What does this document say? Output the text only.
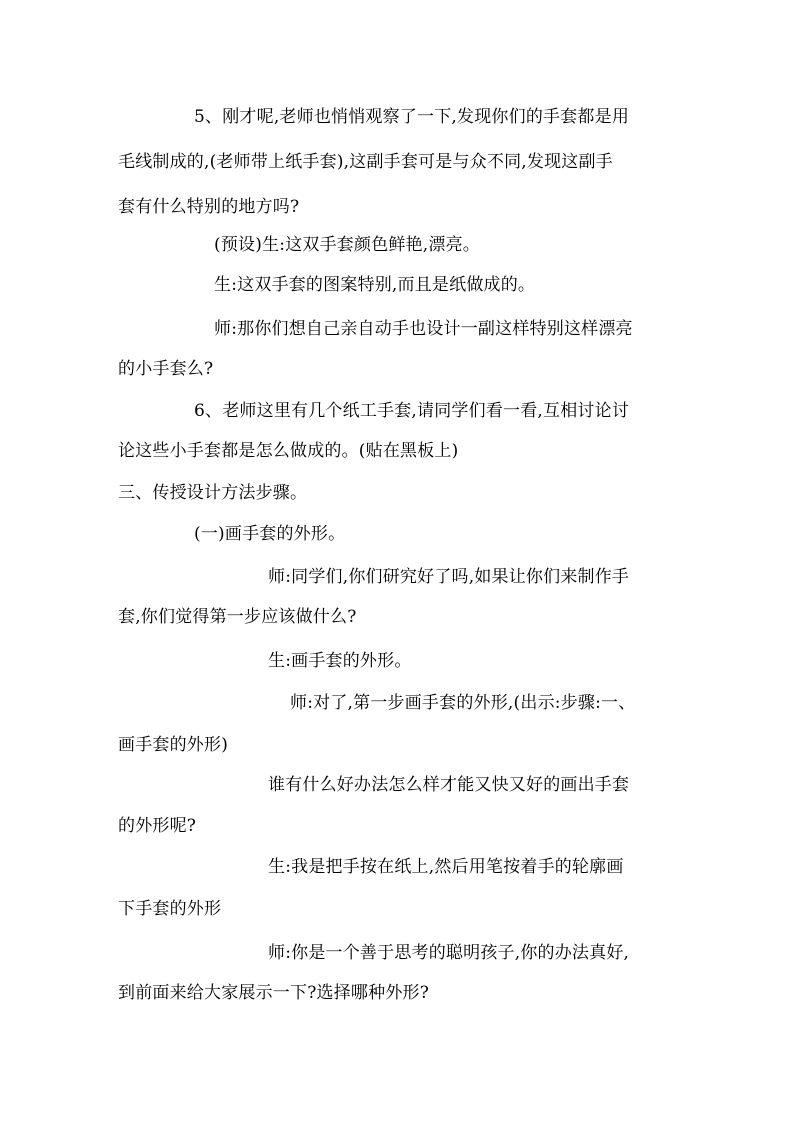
5、刚才呢,老师也悄悄观察了一下,发现你们的手套都是用
毛线制成的,(老师带上纸手套),这副手套可是与众不同,发现这副手
套有什么特别的地方吗?
(预设)生:这双手套颜色鲜艳,漂亮。
生:这双手套的图案特别,而且是纸做成的。
师:那你们想自己亲自动手也设计一副这样特别这样漂亮
的小手套么?
6、老师这里有几个纸工手套,请同学们看一看,互相讨论讨
论这些小手套都是怎么做成的。(贴在黑板上)
三、传授设计方法步骤。
(一)画手套的外形。
师:同学们,你们研究好了吗,如果让你们来制作手
套,你们觉得第一步应该做什么?
生:画手套的外形。
师:对了,第一步画手套的外形,(出示:步骤:一、
画手套的外形)
谁有什么好办法怎么样才能又快又好的画出手套
的外形呢?
生:我是把手按在纸上,然后用笔按着手的轮廓画
下手套的外形
师:你是一个善于思考的聪明孩子,你的办法真好,
到前面来给大家展示一下?选择哪种外形?
